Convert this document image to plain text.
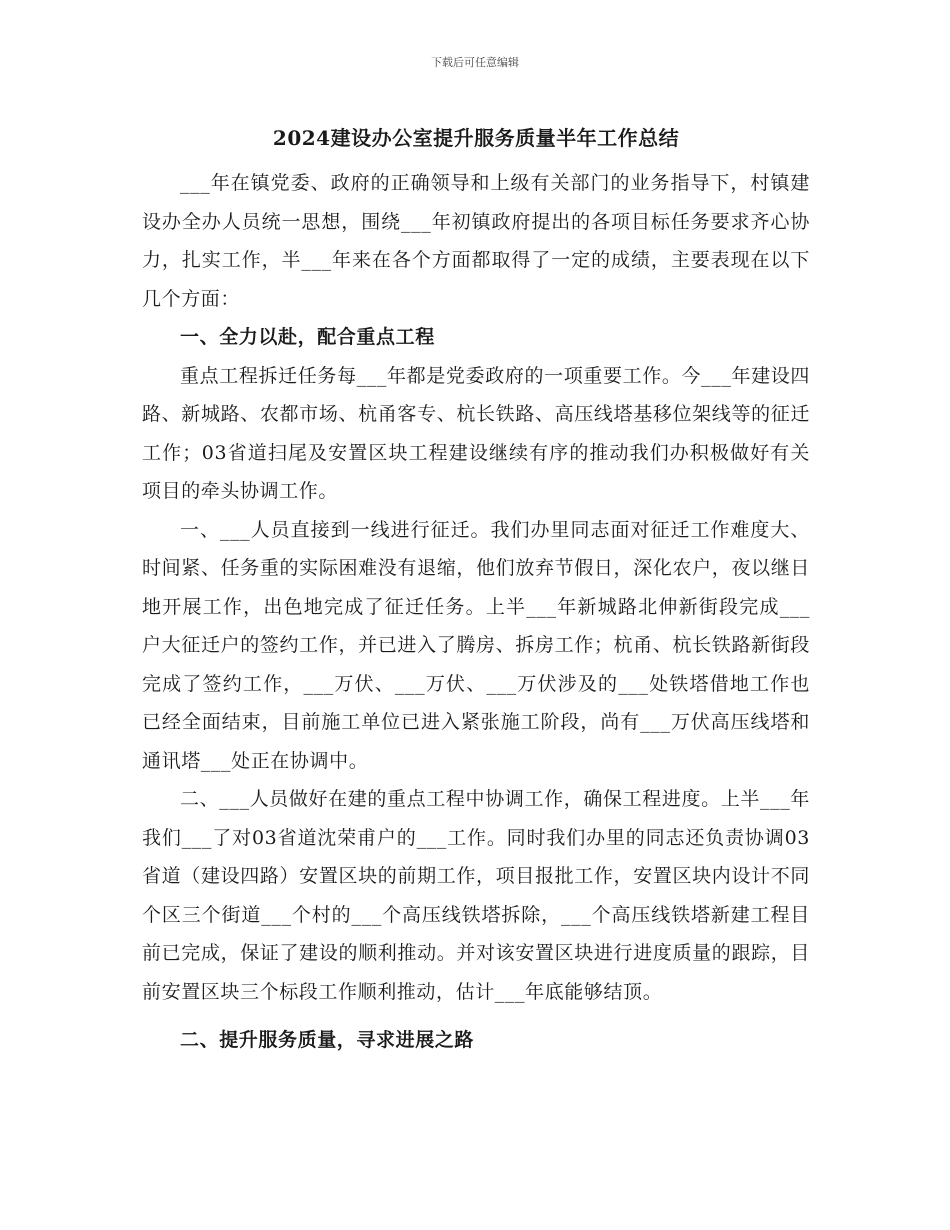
下载后可任意编辑
2024建设办公室提升服务质量半年工作总结

___年在镇党委、政府的正确领导和上级有关部门的业务指导下，村镇建设办全办人员统一思想，围绕___年初镇政府提出的各项目标任务要求齐心协力，扎实工作，半___年来在各个方面都取得了一定的成绩，主要表现在以下几个方面：

一、全力以赴，配合重点工程

重点工程拆迁任务每___年都是党委政府的一项重要工作。今___年建设四路、新城路、农都市场、杭甬客专、杭长铁路、高压线塔基移位架线等的征迁工作；03省道扫尾及安置区块工程建设继续有序的推动我们办积极做好有关项目的牵头协调工作。

一、___人员直接到一线进行征迁。我们办里同志面对征迁工作难度大、时间紧、任务重的实际困难没有退缩，他们放弃节假日，深化农户，夜以继日地开展工作，出色地完成了征迁任务。上半___年新城路北伸新街段完成___户大征迁户的签约工作，并已进入了腾房、拆房工作；杭甬、杭长铁路新街段完成了签约工作，___万伏、___万伏、___万伏涉及的___处铁塔借地工作也已经全面结束，目前施工单位已进入紧张施工阶段，尚有___万伏高压线塔和通讯塔___处正在协调中。

二、___人员做好在建的重点工程中协调工作，确保工程进度。上半___年我们___了对03省道沈荣甫户的___工作。同时我们办里的同志还负责协调03省道（建设四路）安置区块的前期工作，项目报批工作，安置区块内设计不同个区三个街道___个村的___个高压线铁塔拆除，___个高压线铁塔新建工程目前已完成，保证了建设的顺利推动。并对该安置区块进行进度质量的跟踪，目前安置区块三个标段工作顺利推动，估计___年底能够结顶。

二、提升服务质量，寻求进展之路
